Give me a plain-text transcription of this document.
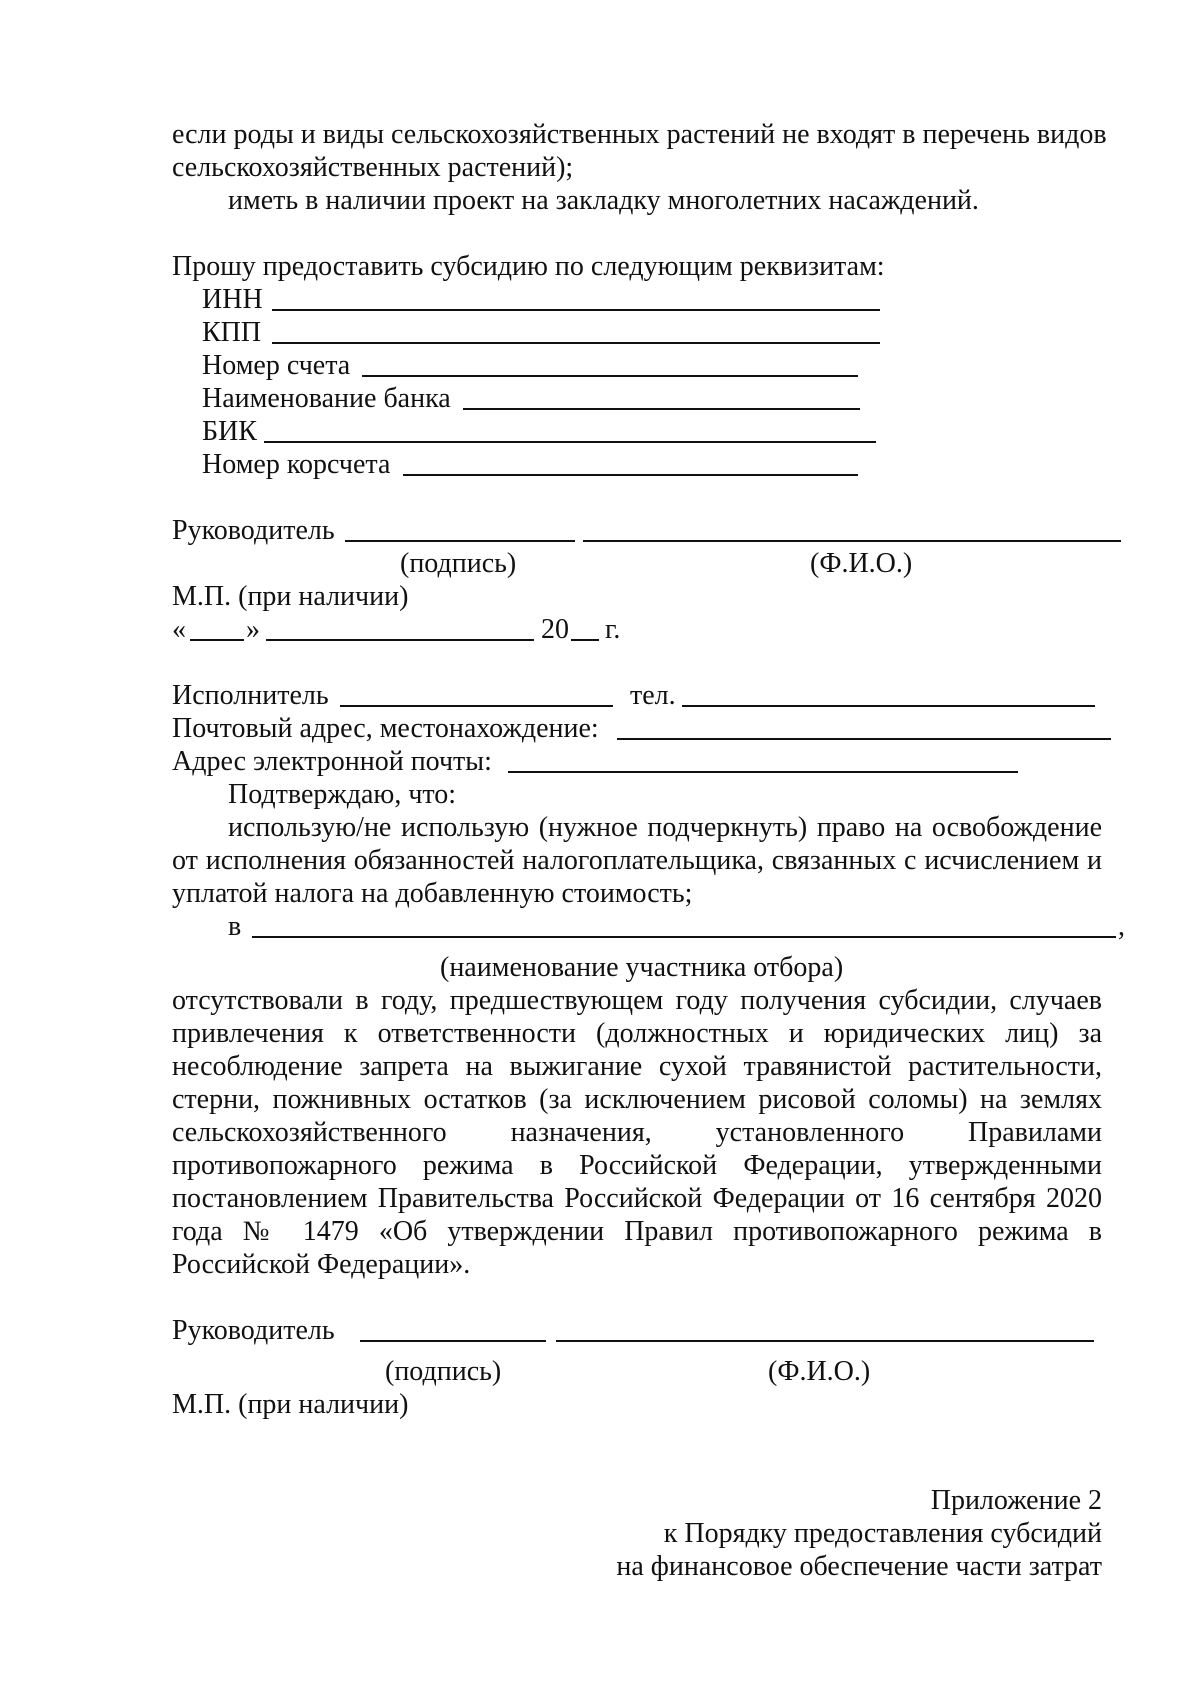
если роды и виды сельскохозяйственных растений не входят в перечень видов
сельскохозяйственных растений);
иметь в наличии проект на закладку многолетних насаждений.
Прошу предоставить субсидию по следующим реквизитам:
ИНН
КПП
Номер счета
Наименование банка
БИК
Номер корсчета
Руководитель
(подпись)	(Ф.И.О.)
М.П. (при наличии)
« »	20 г.
Исполнитель	тел.
Почтовый адрес, местонахождение:
Адрес электронной почты:
Подтверждаю, что:
использую/не использую (нужное подчеркнуть) право на освобождение
от исполнения обязанностей налогоплательщика, связанных с исчислением и
уплатой налога на добавленную стоимость;
в	,
(наименование участника отбора)
отсутствовали в году, предшествующем году получения субсидии, случаев
привлечения к ответственности (должностных и юридических лиц) за
несоблюдение запрета на выжигание сухой травянистой растительности,
стерни, пожнивных остатков (за исключением рисовой соломы) на землях
сельскохозяйственного назначения, установленного Правилами
противопожарного режима в Российской Федерации, утвержденными
постановлением Правительства Российской Федерации от 16 сентября 2020
года № 1479 «Об утверждении Правил противопожарного режима в
Российской Федерации».
Руководитель
(подпись)	(Ф.И.О.)
М.П. (при наличии)
Приложение 2
к Порядку предоставления субсидий
на финансовое обеспечение части затрат
